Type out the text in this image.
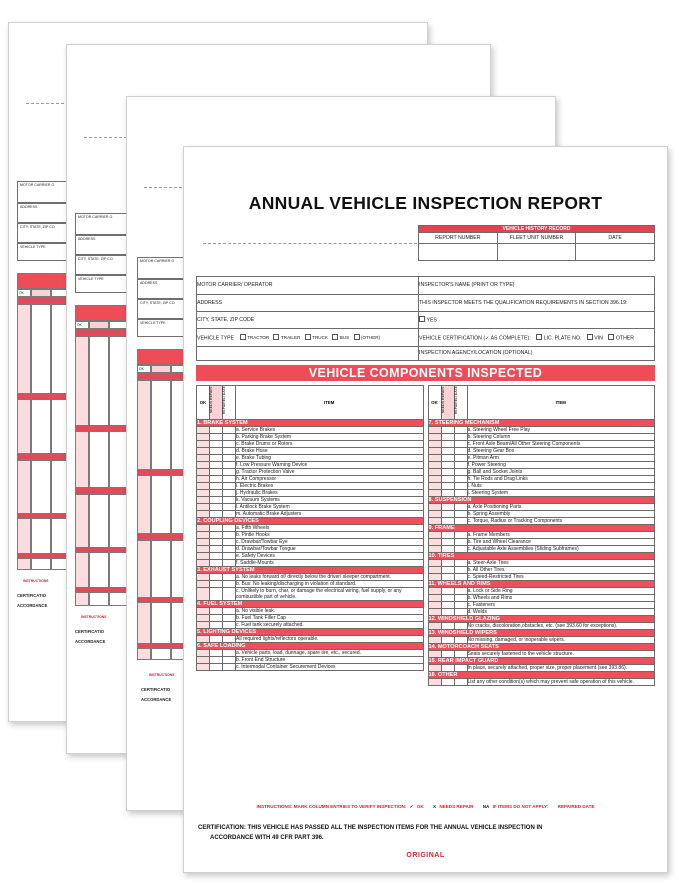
MOTOR CARRIER O
ADDRESS
CITY, STATE, ZIP CO
VEHICLE TYPE
OK
INSTRUCTIONS
CERTIFICATIO
ACCORDANCE
MOTOR CARRIER O
ADDRESS
CITY, STATE, ZIP CO
VEHICLE TYPE
OK
INSTRUCTIONS
CERTIFICATIO
ACCORDANCE
MOTOR CARRIER O
ADDRESS
CITY, STATE, ZIP CO
VEHICLE TYPE
OK
INSTRUCTIONS
CERTIFICATIO
ACCORDANCE
ANNUAL VEHICLE INSPECTION REPORT
VEHICLE HISTORY RECORD		
REPORT NUMBER	FLEET UNIT NUMBER	DATE

MOTOR CARRIER/ OPERATOR	INSPECTOR'S NAME (PRINT OR TYPE)
ADDRESS	THIS INSPECTOR MEETS THE QUALIFICATION REQUIREMENTS IN SECTION 396.19:
CITY, STATE, ZIP CODE	YES
VEHICLE TYPE TRACTOR TRAILER TRUCK BUS (OTHER)	VEHICLE CERTIFICATION (✓ AS COMPLETE): LIC. PLATE NO. VIN OTHER
	INSPECTION AGENCY/LOCATION (OPTIONAL)
VEHICLE COMPONENTS INSPECTED
OK	NEEDS REPAIR	REPAIRED DATE	ITEM
1. BRAKE SYSTEM			
			a. Service Brakes
			b. Parking Brake System
			c. Brake Drums or Rotors
			d. Brake Hose
			e. Brake Tubing
			f. Low Pressure Warning Device
			g. Tractor Protection Valve
			h. Air Compressor
			i. Electric Brakes
			j. Hydraulic Brakes
			k. Vacuum Systems
			l. Antilock Brake System
			m. Automatic Brake Adjusters
2. COUPLING DEVICES			
			a. Fifth Wheels
			b. Pintle Hooks
			c. Drawbar/Towbar Eye
			d. Drawbar/Towbar Tongue
			e. Safety Devices
			f. Saddle-Mounts
3. EXHAUST SYSTEM			
			a. No leaks forward of/ directly below the driver/ sleeper compartment.
			b. Bus: No leaking/discharging in violation of standard.
			c. Unlikely to burn, char, or damage the electrical wiring, fuel supply, or any combustible part of vehicle.
4. FUEL SYSTEM			
			a. No visible leak.
			b. Fuel Tank Filler Cap
			c. Fuel tank securely attached.
5. LIGHTING DEVICES			
			All required lights/reflectors operable.
6. SAFE LOADING			
			a. Vehicle parts, load, dunnage, spare tire, etc., secured.
			b. Front End Structure
			c. Intermodal Container Securement Devices
OK	NEEDS REPAIR	REPAIRED DATE	ITEM
7. STEERING MECHANISM			
			a. Steering Wheel Free Play
			b. Steering Column
			c. Front Axle Beam/All Other Steering Components
			d. Steering Gear Box
			e. Pitman Arm
			f. Power Steering
			g. Ball and Socket Joints
			h. Tie Rods and Drag Links
			i. Nuts
			j. Steering System
8. SUSPENSION			
			a. Axle Positioning Parts
			b. Spring Assembly
			c. Torque, Radius or Tracking Components
9. FRAME			
			a. Frame Members
			b. Tire and Wheel Clearance
			c. Adjustable Axle Assemblies (Sliding Subframes)
10. TIRES			
			a. Steer-Axle Tires
			b. All Other Tires
			c. Speed-Restricted Tires
11. WHEELS AND RIMS			
			a. Lock or Side Ring
			b. Wheels and Rims
			c. Fasteners
			d. Welds
12. WINDSHIELD GLAZING			
			No cracks, discoloration,obstacles, etc. (see 393.60 for exceptions).
13. WINDSHIELD WIPERS			
			No missing, damaged, or inoperable wipers.
14. MOTORCOACH SEATS			
			Seats securely fastened to the vehicle structure.
15. REAR IMPACT GUARD			
			In place, securely attached, proper size, proper placement (see 393.86).
16. OTHER			
			List any other condition(s) which may prevent safe operation of this vehicle.
INSTRUCTIONS: MARK COLUMN ENTRIES TO VERIFY INSPECTION: ✓ OK X NEEDS REPAIR NA IF ITEMS DO NOT APPLY: REPAIRED DATE
CERTIFICATION: THIS VEHICLE HAS PASSED ALL THE INSPECTION ITEMS FOR THE ANNUAL VEHICLE INSPECTION IN
ACCORDANCE WITH 49 CFR PART 396.
ORIGINAL
